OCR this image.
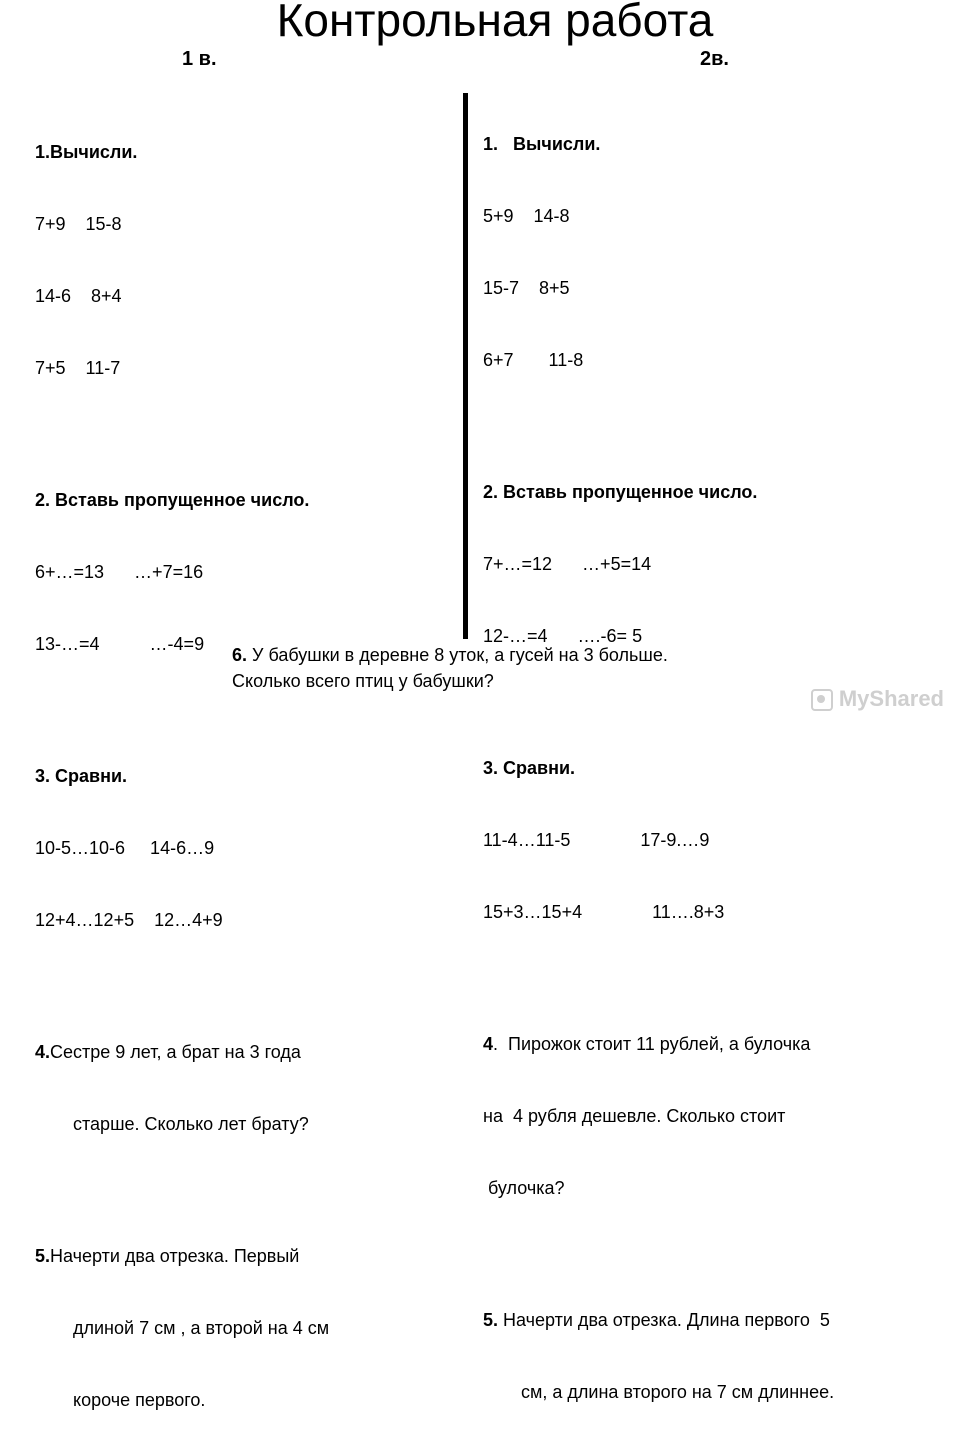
Контрольная работа
1 в.	2в.

1.Вычисли.

7+9    15-8

14-6    8+4

7+5    11-7

2. Вставь пропущенное число.

6+…=13      …+7=16

13-…=4          …-4=9

3. Сравни.

10-5…10-6     14-6…9

12+4…12+5    12…4+9

4.Сестре 9 лет, а брат на 3 года

старше. Сколько лет брату?

5.Начерти два отрезка. Первый

длиной 7 см , а второй на 4 см

короче первого.

1.   Вычисли.

5+9    14-8

15-7    8+5

6+7       11-8

2. Вставь пропущенное число.

7+…=12      …+5=14

12-…=4      ….-6= 5

3. Сравни.

11-4…11-5              17-9.…9

15+3…15+4              11….8+3

4.  Пирожок стоит 11 рублей, а булочка

на  4 рубля дешевле. Сколько стоит

булочка?

5. Начерти два отрезка. Длина первого  5

см, а длина второго на 7 см длиннее.

6. У бабушки в деревне 8 уток, а гусей на 3 больше.
Сколько всего птиц у бабушки?
MyShared
